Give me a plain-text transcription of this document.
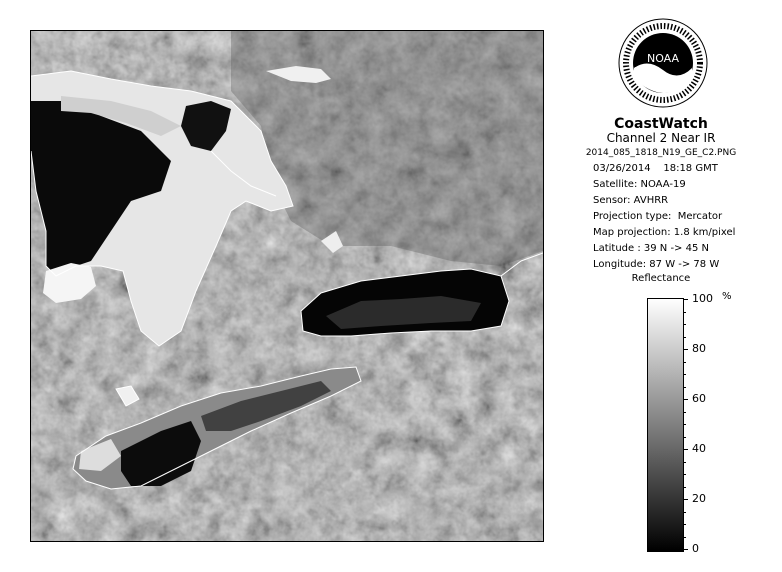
NOAA
CoastWatch
Channel 2 Near IR
2014_085_1818_N19_GE_C2.PNG
03/26/2014    18:18 GMT
Satellite: NOAA-19
Sensor: AVHRR
Projection type:  Mercator
Map projection: 1.8 km/pixel
Latitude : 39 N -> 45 N
Longitude: 87 W -> 78 W
Reflectance
%
100
80
60
40
20
0
